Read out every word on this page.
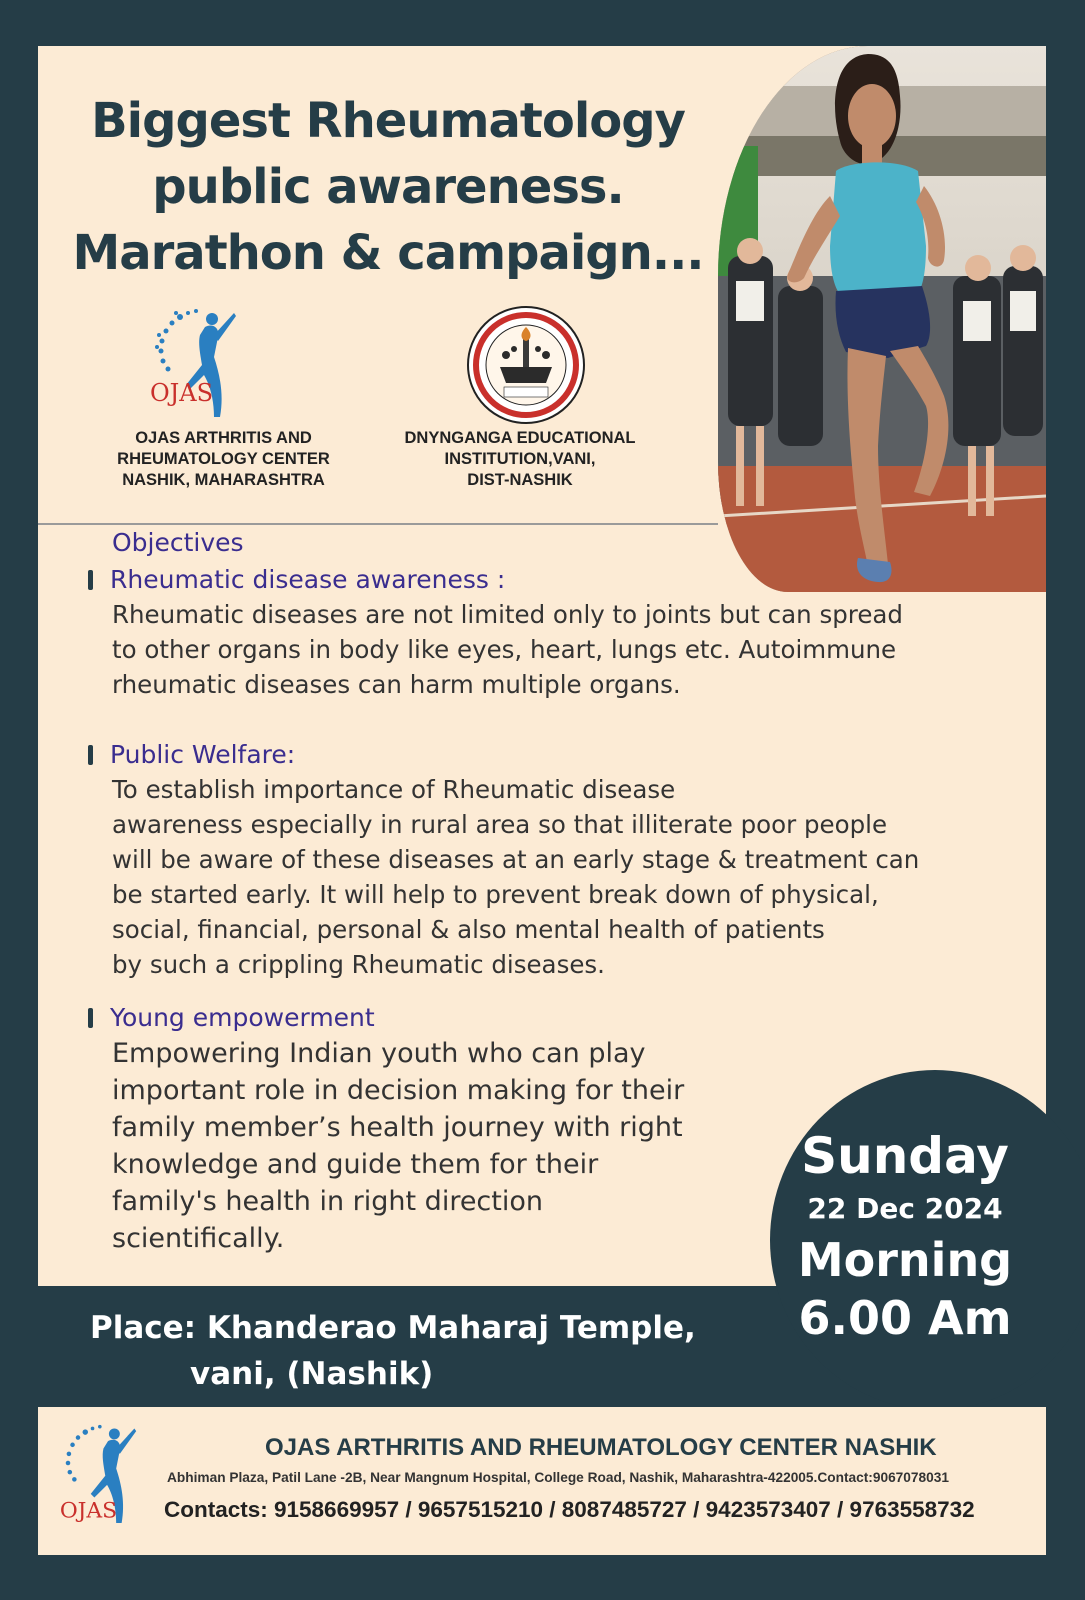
Biggest Rheumatology
public awareness.
Marathon & campaign...
OJAS
OJAS ARTHRITIS AND
RHEUMATOLOGY CENTER
NASHIK, MAHARASHTRA
DNYNGANGA EDUCATIONAL
INSTITUTION,VANI,
DIST-NASHIK
Objectives
Rheumatic disease awareness :
Rheumatic diseases are not limited only to joints but can spread
to other organs in body like eyes, heart, lungs etc. Autoimmune
rheumatic diseases can harm multiple organs.
Public Welfare:
To establish importance of Rheumatic disease
awareness especially in rural area so that illiterate poor people
will be aware of these diseases at an early stage & treatment can
be started early. It will help to prevent break down of physical,
social, financial, personal & also mental health of patients
by such a crippling Rheumatic diseases.
Young empowerment
Empowering Indian youth who can play
important role in decision making for their
family member’s health journey with right
knowledge and guide them for their
family's health in right direction
scientifically.
Place: Khanderao Maharaj Temple,
vani, (Nashik)
Sunday
22 Dec 2024
Morning
6.00 Am
OJAS
OJAS ARTHRITIS AND RHEUMATOLOGY CENTER NASHIK
Abhiman Plaza, Patil Lane -2B, Near Mangnum Hospital, College Road, Nashik, Maharashtra-422005.Contact:9067078031
Contacts: 9158669957 / 9657515210 / 8087485727 / 9423573407 / 9763558732
